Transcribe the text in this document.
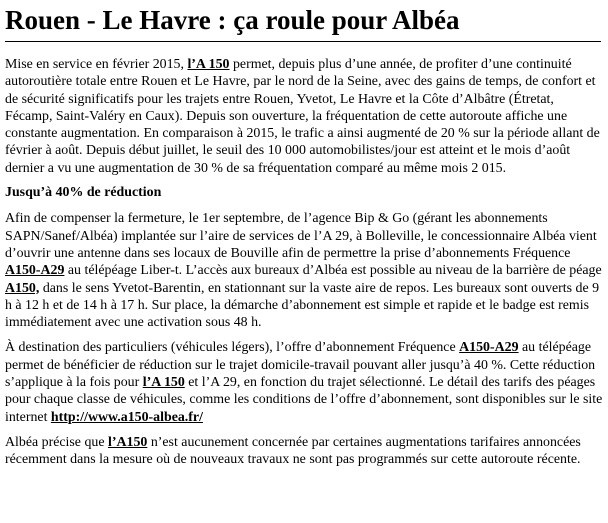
Rouen - Le Havre : ça roule pour Albéa

Mise en service en février 2015, l’A 150 permet, depuis plus d’une année, de profiter d’une continuité autoroutière totale entre Rouen et Le Havre, par le nord de la Seine, avec des gains de temps, de confort et de sécurité significatifs pour les trajets entre Rouen, Yvetot, Le Havre et la Côte d’Albâtre (Étretat, Fécamp, Saint-Valéry en Caux). Depuis son ouverture, la fréquentation de cette autoroute affiche une constante augmentation. En comparaison à 2015, le trafic a ainsi augmenté de 20 % sur la période allant de février à août. Depuis début juillet, le seuil des 10 000 automobilistes/jour est atteint et le mois d’août dernier a vu une augmentation de 30 % de sa fréquentation comparé au même mois 2 015.

Jusqu’à 40% de réduction

Afin de compenser la fermeture, le 1er septembre, de l’agence Bip & Go (gérant les abonnements SAPN/Sanef/Albéa) implantée sur l’aire de services de l’A 29, à Bolleville, le concessionnaire Albéa vient d’ouvrir une antenne dans ses locaux de Bouville afin de permettre la prise d’abonnements Fréquence A150-A29 au télépéage Liber-t. L’accès aux bureaux d’Albéa est possible au niveau de la barrière de péage A150, dans le sens Yvetot-Barentin, en stationnant sur la vaste aire de repos. Les bureaux sont ouverts de 9 h à 12 h et de 14 h à 17 h. Sur place, la démarche d’abonnement est simple et rapide et le badge est remis immédiatement avec une activation sous 48 h.

À destination des particuliers (véhicules légers), l’offre d’abonnement Fréquence A150-A29 au télépéage permet de bénéficier de réduction sur le trajet domicile-travail pouvant aller jusqu’à 40 %. Cette réduction s’applique à la fois pour l’A 150 et l’A 29, en fonction du trajet sélectionné. Le détail des tarifs des péages pour chaque classe de véhicules, comme les conditions de l’offre d’abonnement, sont disponibles sur le site internet http://www.a150-albea.fr/

Albéa précise que l’A150 n’est aucunement concernée par certaines augmentations tarifaires annoncées récemment dans la mesure où de nouveaux travaux ne sont pas programmés sur cette autoroute récente.
